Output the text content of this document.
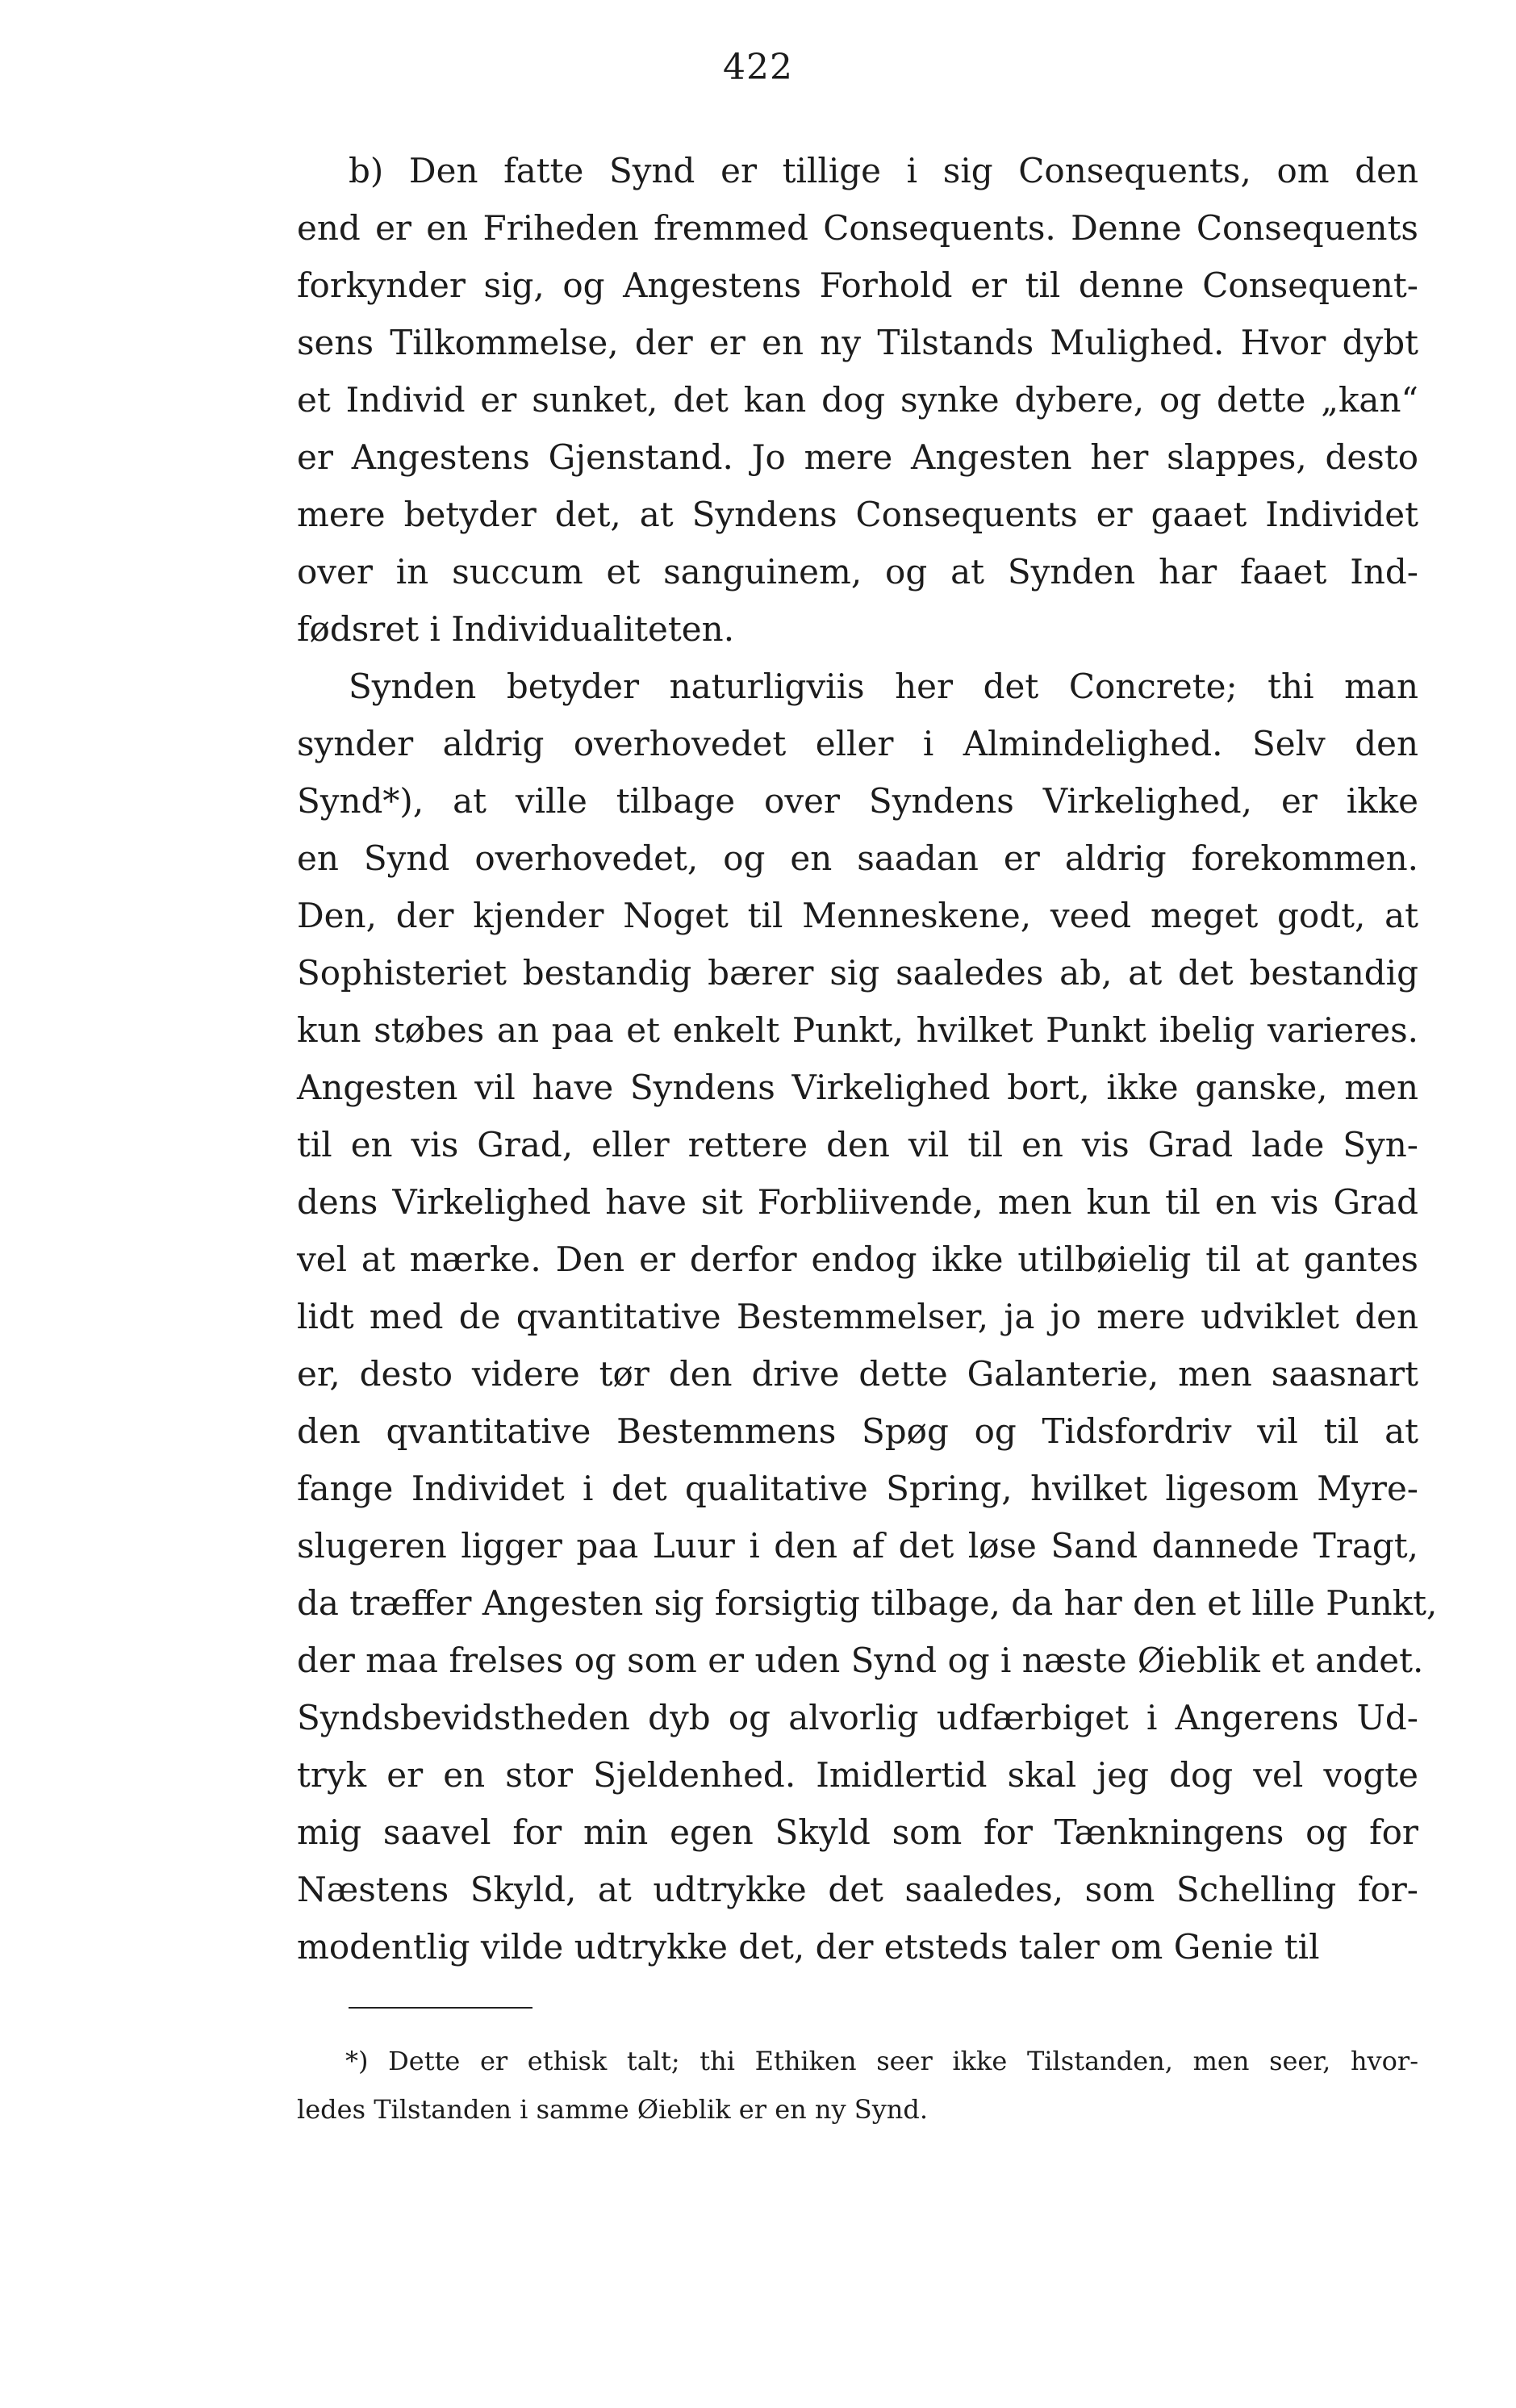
422
b) Den fatte Synd er tillige i sig Consequents, om den
end er en Friheden fremmed Consequents. Denne Consequents
forkynder sig, og Angestens Forhold er til denne Consequent-
sens Tilkommelse, der er en ny Tilstands Mulighed. Hvor dybt
et Individ er sunket, det kan dog synke dybere, og dette „kan“
er Angestens Gjenstand. Jo mere Angesten her slappes, desto
mere betyder det, at Syndens Consequents er gaaet Individet
over in succum et sanguinem, og at Synden har faaet Ind-
fødsret i Individualiteten.
Synden betyder naturligviis her det Concrete; thi man
synder aldrig overhovedet eller i Almindelighed. Selv den
Synd*), at ville tilbage over Syndens Virkelighed, er ikke
en Synd overhovedet, og en saadan er aldrig forekommen.
Den, der kjender Noget til Menneskene, veed meget godt, at
Sophisteriet bestandig bærer sig saaledes ab, at det bestandig
kun støbes an paa et enkelt Punkt, hvilket Punkt ibelig varieres.
Angesten vil have Syndens Virkelighed bort, ikke ganske, men
til en vis Grad, eller rettere den vil til en vis Grad lade Syn-
dens Virkelighed have sit Forbliivende, men kun til en vis Grad
vel at mærke. Den er derfor endog ikke utilbøielig til at gantes
lidt med de qvantitative Bestemmelser, ja jo mere udviklet den
er, desto videre tør den drive dette Galanterie, men saasnart
den qvantitative Bestemmens Spøg og Tidsfordriv vil til at
fange Individet i det qualitative Spring, hvilket ligesom Myre-
slugeren ligger paa Luur i den af det løse Sand dannede Tragt,
da træffer Angesten sig forsigtig tilbage, da har den et lille Punkt,
der maa frelses og som er uden Synd og i næste Øieblik et andet.
Syndsbevidstheden dyb og alvorlig udfærbiget i Angerens Ud-
tryk er en stor Sjeldenhed. Imidlertid skal jeg dog vel vogte
mig saavel for min egen Skyld som for Tænkningens og for
Næstens Skyld, at udtrykke det saaledes, som Schelling for-
modentlig vilde udtrykke det, der etsteds taler om Genie til
*) Dette er ethisk talt; thi Ethiken seer ikke Tilstanden, men seer, hvor-
ledes Tilstanden i samme Øieblik er en ny Synd.
